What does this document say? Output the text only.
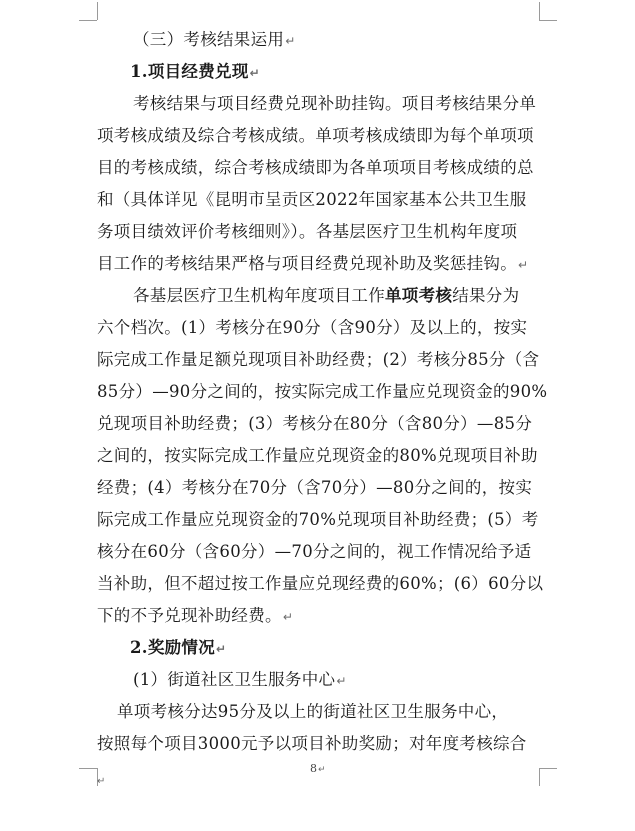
（三）考核结果运用↵
1.项目经费兑现↵
考核结果与项目经费兑现补助挂钩。项目考核结果分单
项考核成绩及综合考核成绩。单项考核成绩即为每个单项项
目的考核成绩，综合考核成绩即为各单项项目考核成绩的总
和（具体详见《昆明市呈贡区2022年国家基本公共卫生服
务项目绩效评价考核细则》）。各基层医疗卫生机构年度项
目工作的考核结果严格与项目经费兑现补助及奖惩挂钩。↵
各基层医疗卫生机构年度项目工作单项考核结果分为
六个档次。(1）考核分在90分（含90分）及以上的，按实
际完成工作量足额兑现项目补助经费；(2）考核分85分（含
85分）—90分之间的，按实际完成工作量应兑现资金的90%
兑现项目补助经费；(3）考核分在80分（含80分）—85分
之间的，按实际完成工作量应兑现资金的80%兑现项目补助
经费；(4）考核分在70分（含70分）—80分之间的，按实
际完成工作量应兑现资金的70%兑现项目补助经费；(5）考
核分在60分（含60分）—70分之间的，视工作情况给予适
当补助，但不超过按工作量应兑现经费的60%；(6）60分以
下的不予兑现补助经费。↵
2.奖励情况↵
(1）街道社区卫生服务中心↵
单项考核分达95分及以上的街道社区卫生服务中心，
按照每个项目3000元予以项目补助奖励；对年度考核综合
8↵
↵
